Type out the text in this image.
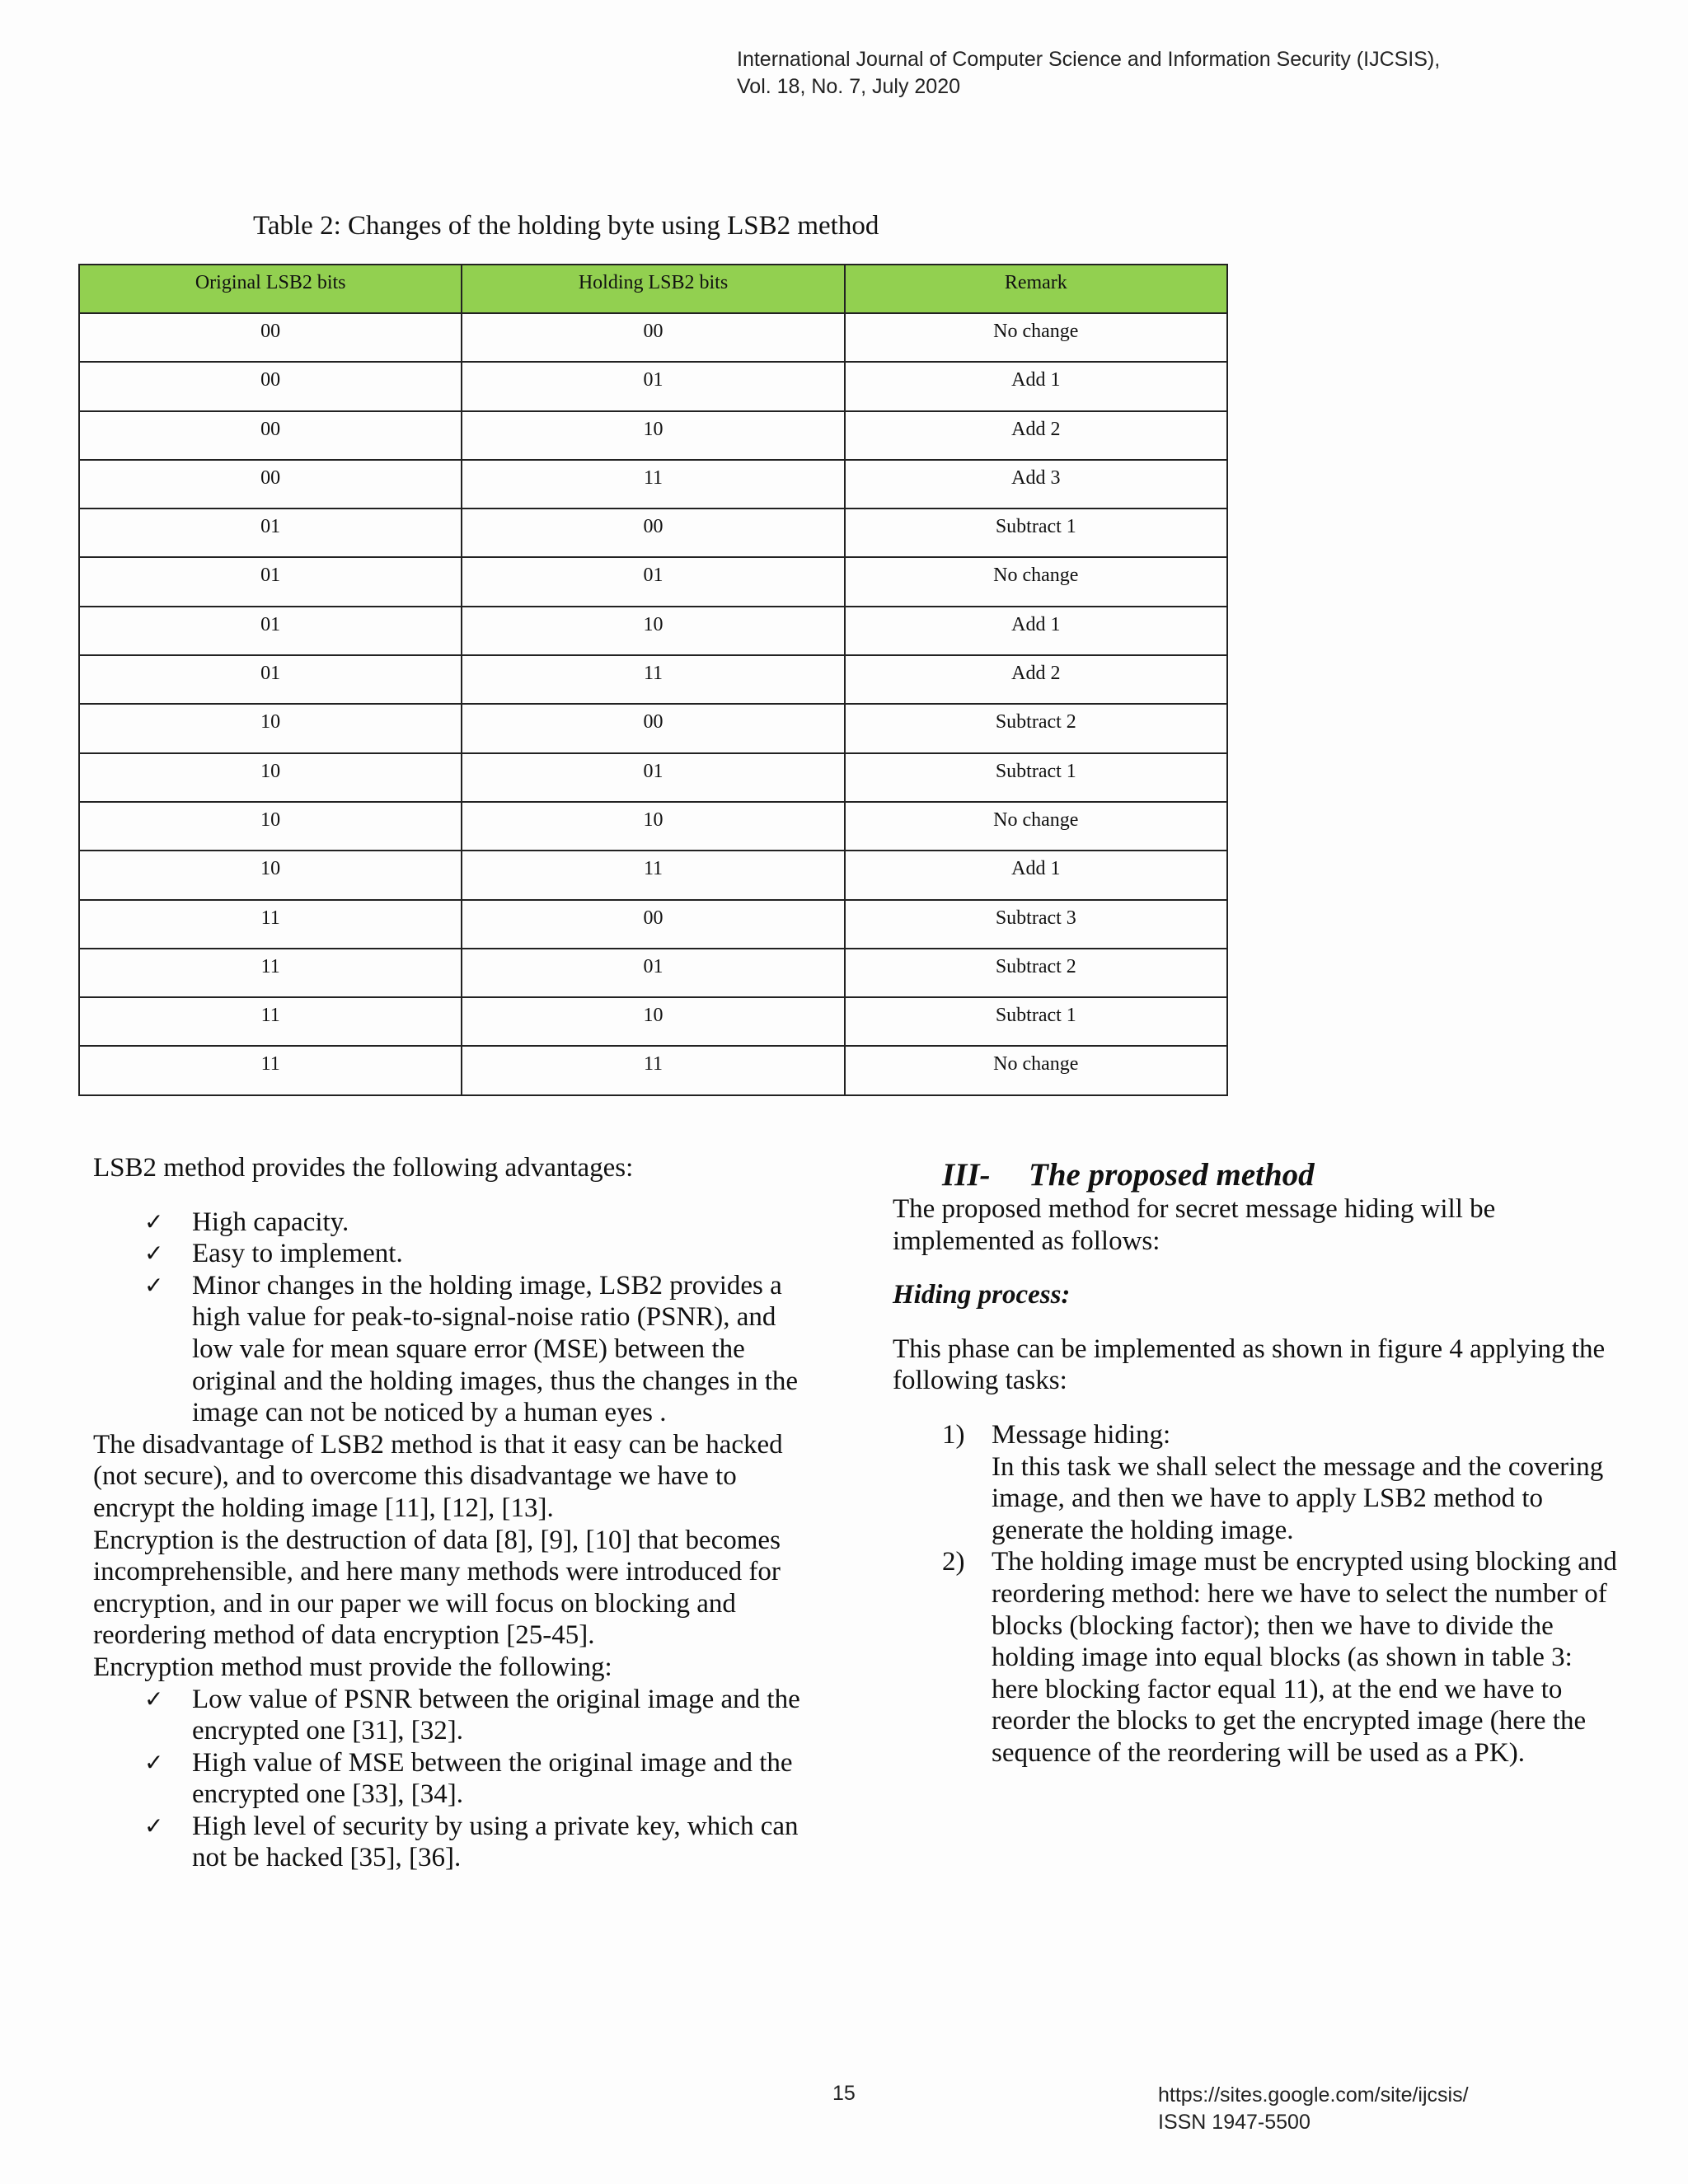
International Journal of Computer Science and Information Security (IJCSIS),
Vol. 18, No. 7, July 2020
Table 2: Changes of the holding byte using LSB2 method
Original LSB2 bits	Holding LSB2 bits	Remark
00	00	No change
00	01	Add 1
00	10	Add 2
00	11	Add 3
01	00	Subtract 1
01	01	No change
01	10	Add 1
01	11	Add 2
10	00	Subtract 2
10	01	Subtract 1
10	10	No change
10	11	Add 1
11	00	Subtract 3
11	01	Subtract 2
11	10	Subtract 1
11	11	No change
LSB2 method provides the following advantages:
✓ High capacity.
✓ Easy to implement.
✓ Minor changes in the holding image, LSB2 provides a high value for peak-to-signal-noise ratio (PSNR), and low vale for mean square error (MSE) between the original and the holding images, thus the changes in the image can not be noticed by a human eyes .
The disadvantage of LSB2 method is that it easy can be hacked (not secure), and to overcome this disadvantage we have to encrypt the holding image [11], [12], [13].
Encryption is the destruction of data [8], [9], [10] that becomes incomprehensible, and here many methods were introduced for encryption, and in our paper we will focus on blocking and reordering method of data encryption [25-45].
Encryption method must provide the following:
✓ Low value of PSNR between the original image and the encrypted one [31], [32].
✓ High value of MSE between the original image and the encrypted one [33], [34].
✓ High level of security by using a private key, which can not be hacked [35], [36].
III- The proposed method
The proposed method for secret message hiding will be implemented as follows:
Hiding process:
This phase can be implemented as shown in figure 4 applying the following tasks:
1) Message hiding:
In this task we shall select the message and the covering image, and then we have to apply LSB2 method to generate the holding image.
2) The holding image must be encrypted using blocking and reordering method: here we have to select the number of blocks (blocking factor); then we have to divide the holding image into equal blocks (as shown in table 3: here blocking factor equal 11), at the end we have to reorder the blocks to get the encrypted image (here the sequence of the reordering will be used as a PK).
15	https://sites.google.com/site/ijcsis/
ISSN 1947-5500
